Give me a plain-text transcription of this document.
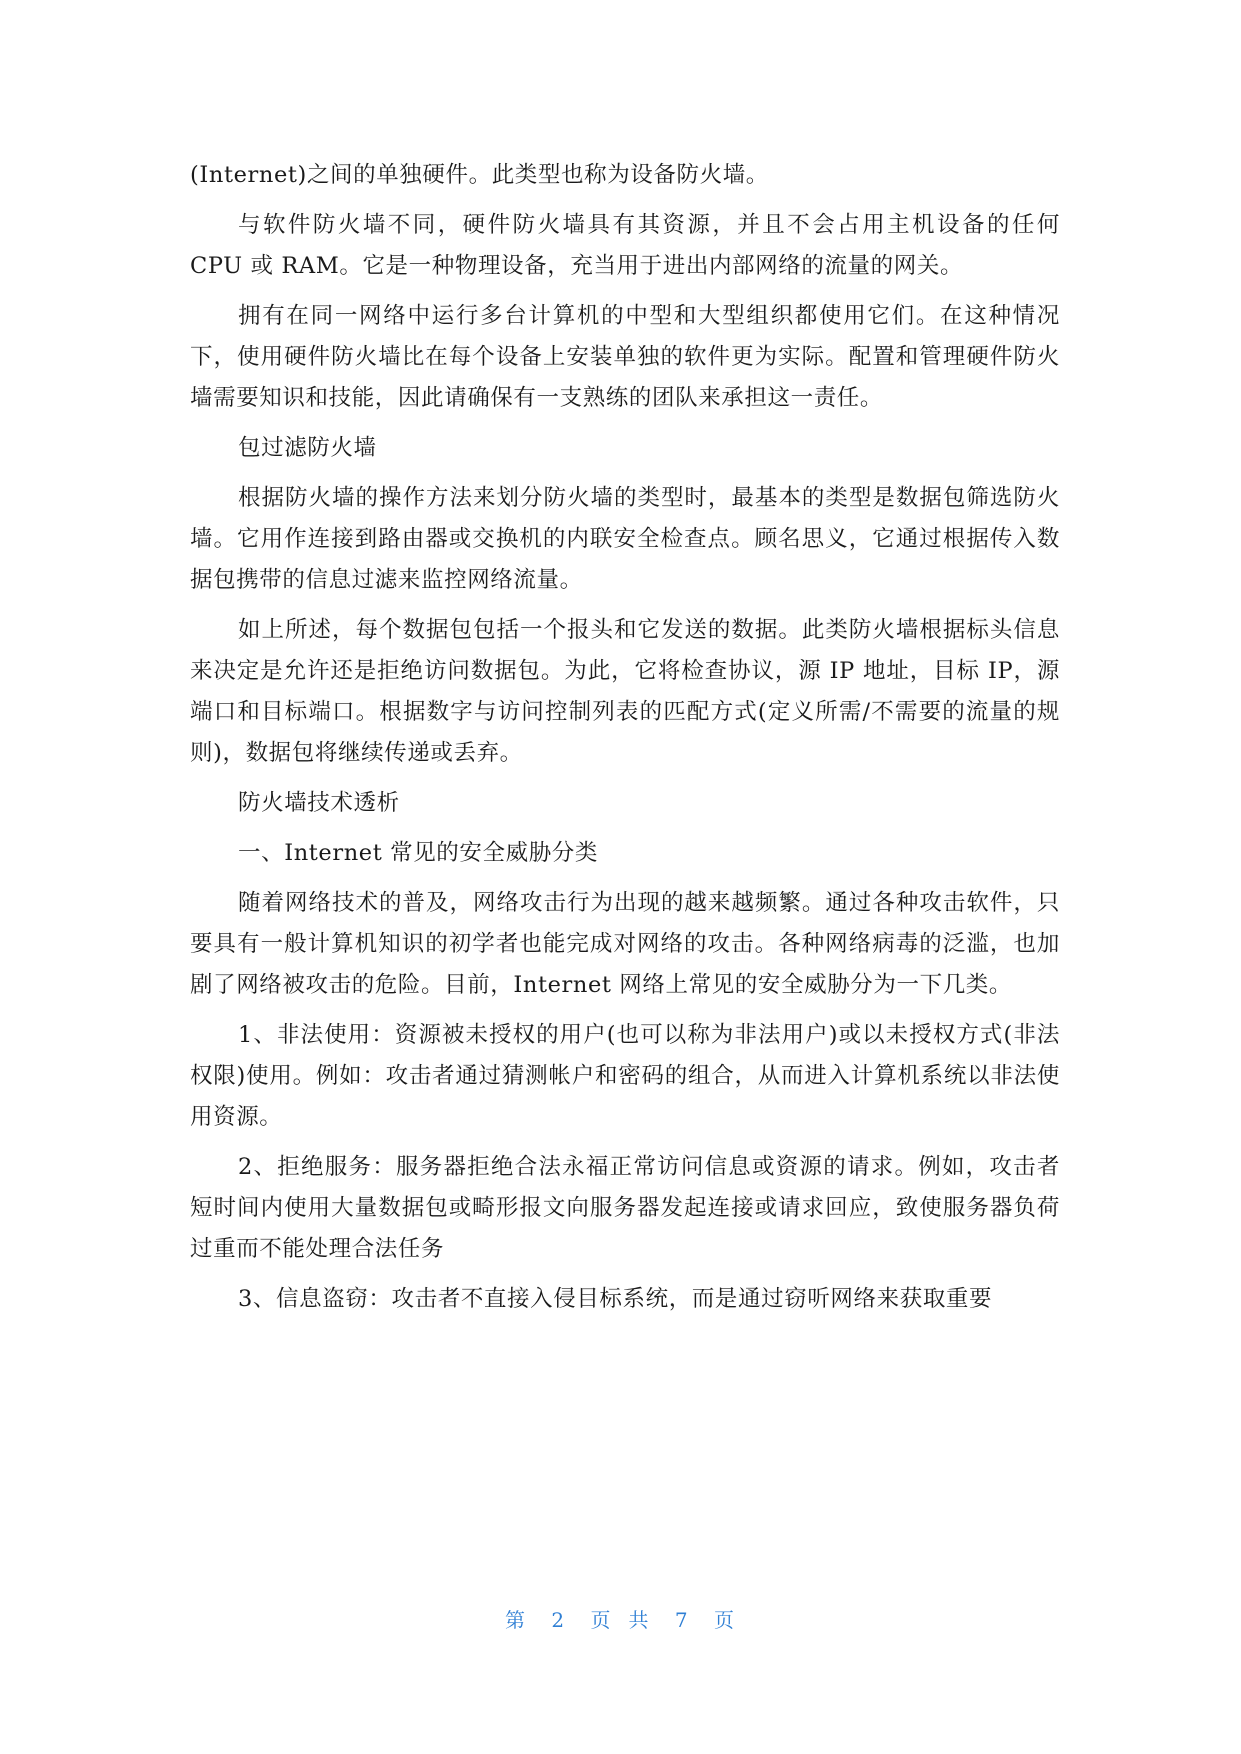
(Internet)之间的单独硬件。此类型也称为设备防火墙。

与软件防火墙不同，硬件防火墙具有其资源，并且不会占用主机设备的任何 CPU 或 RAM。它是一种物理设备，充当用于进出内部网络的流量的网关。

拥有在同一网络中运行多台计算机的中型和大型组织都使用它们。在这种情况下，使用硬件防火墙比在每个设备上安装单独的软件更为实际。配置和管理硬件防火墙需要知识和技能，因此请确保有一支熟练的团队来承担这一责任。

包过滤防火墙

根据防火墙的操作方法来划分防火墙的类型时，最基本的类型是数据包筛选防火墙。它用作连接到路由器或交换机的内联安全检查点。顾名思义，它通过根据传入数据包携带的信息过滤来监控网络流量。

如上所述，每个数据包包括一个报头和它发送的数据。此类防火墙根据标头信息来决定是允许还是拒绝访问数据包。为此，它将检查协议，源 IP 地址，目标 IP，源端口和目标端口。根据数字与访问控制列表的匹配方式(定义所需/不需要的流量的规则)，数据包将继续传递或丢弃。

防火墙技术透析

一、Internet 常见的安全威胁分类

随着网络技术的普及，网络攻击行为出现的越来越频繁。通过各种攻击软件，只要具有一般计算机知识的初学者也能完成对网络的攻击。各种网络病毒的泛滥，也加剧了网络被攻击的危险。目前，Internet 网络上常见的安全威胁分为一下几类。

1、非法使用：资源被未授权的用户(也可以称为非法用户)或以未授权方式(非法权限)使用。例如：攻击者通过猜测帐户和密码的组合，从而进入计算机系统以非法使用资源。

2、拒绝服务：服务器拒绝合法永福正常访问信息或资源的请求。例如，攻击者短时间内使用大量数据包或畸形报文向服务器发起连接或请求回应，致使服务器负荷过重而不能处理合法任务

3、信息盗窃：攻击者不直接入侵目标系统，而是通过窃听网络来获取重要

第 2 页 共 7 页
